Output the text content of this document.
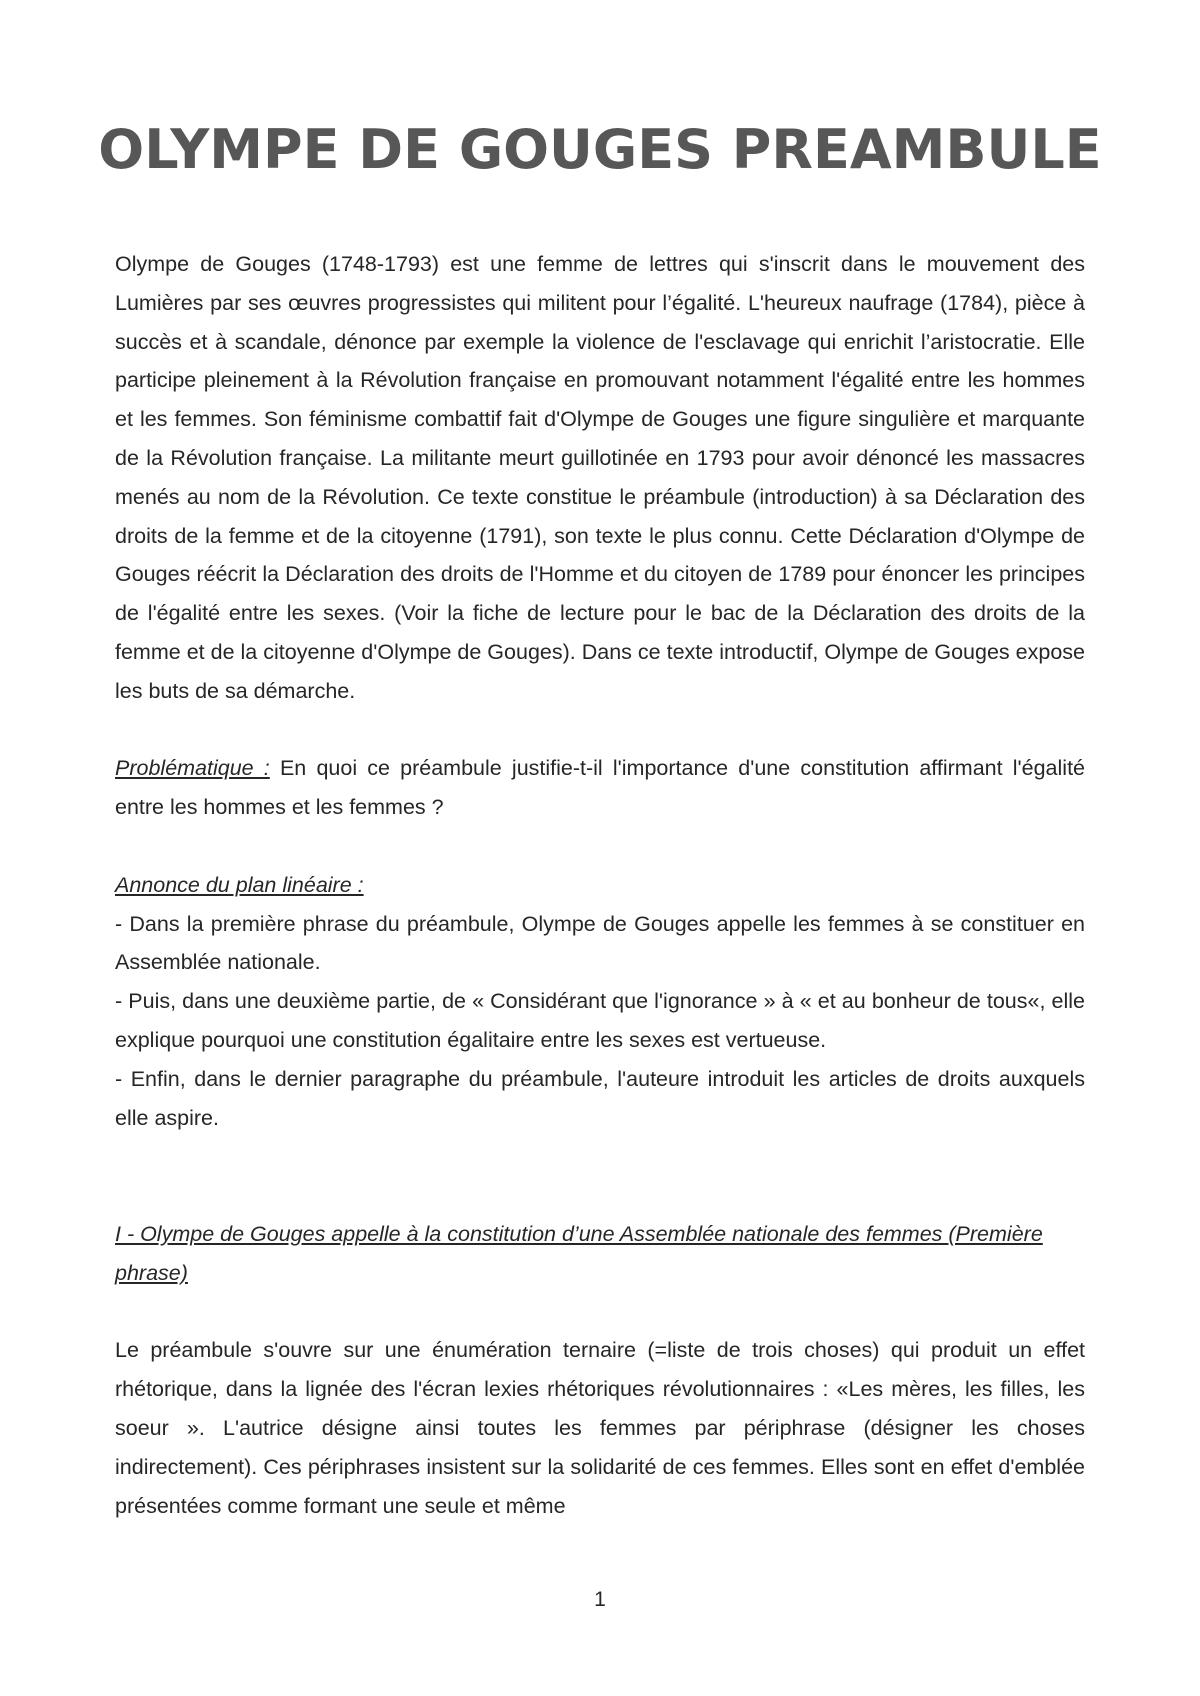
OLYMPE DE GOUGES PREAMBULE

Olympe de Gouges (1748-1793) est une femme de lettres qui s'inscrit dans le mouvement des Lumières par ses œuvres progressistes qui militent pour l’égalité. L'heureux naufrage (1784), pièce à succès et à scandale, dénonce par exemple la violence de l'esclavage qui enrichit l’aristocratie. Elle participe pleinement à la Révolution française en promouvant notamment l'égalité entre les hommes et les femmes. Son féminisme combattif fait d'Olympe de Gouges une figure singulière et marquante de la Révolution française. La militante meurt guillotinée en 1793 pour avoir dénoncé les massacres menés au nom de la Révolution. Ce texte constitue le préambule (introduction) à sa Déclaration des droits de la femme et de la citoyenne (1791), son texte le plus connu. Cette Déclaration d'Olympe de Gouges réécrit la Déclaration des droits de l'Homme et du citoyen de 1789 pour énoncer les principes de l'égalité entre les sexes. (Voir la fiche de lecture pour le bac de la Déclaration des droits de la femme et de la citoyenne d'Olympe de Gouges). Dans ce texte introductif, Olympe de Gouges expose les buts de sa démarche.

Problématique : En quoi ce préambule justifie-t-il l'importance d'une constitution affirmant l'égalité entre les hommes et les femmes ?

Annonce du plan linéaire :

- Dans la première phrase du préambule, Olympe de Gouges appelle les femmes à se constituer en Assemblée nationale.

- Puis, dans une deuxième partie, de « Considérant que l'ignorance » à « et au bonheur de tous«, elle explique pourquoi une constitution égalitaire entre les sexes est vertueuse.

- Enfin, dans le dernier paragraphe du préambule, l'auteure introduit les articles de droits auxquels elle aspire.

I - Olympe de Gouges appelle à la constitution d’une Assemblée nationale des femmes (Première phrase)

Le préambule s'ouvre sur une énumération ternaire (=liste de trois choses) qui produit un effet rhétorique, dans la lignée des l'écran lexies rhétoriques révolutionnaires : «Les mères, les filles, les soeur ». L'autrice désigne ainsi toutes les femmes par périphrase (désigner les choses indirectement). Ces périphrases insistent sur la solidarité de ces femmes. Elles sont en effet d'emblée présentées comme formant une seule et même

1
